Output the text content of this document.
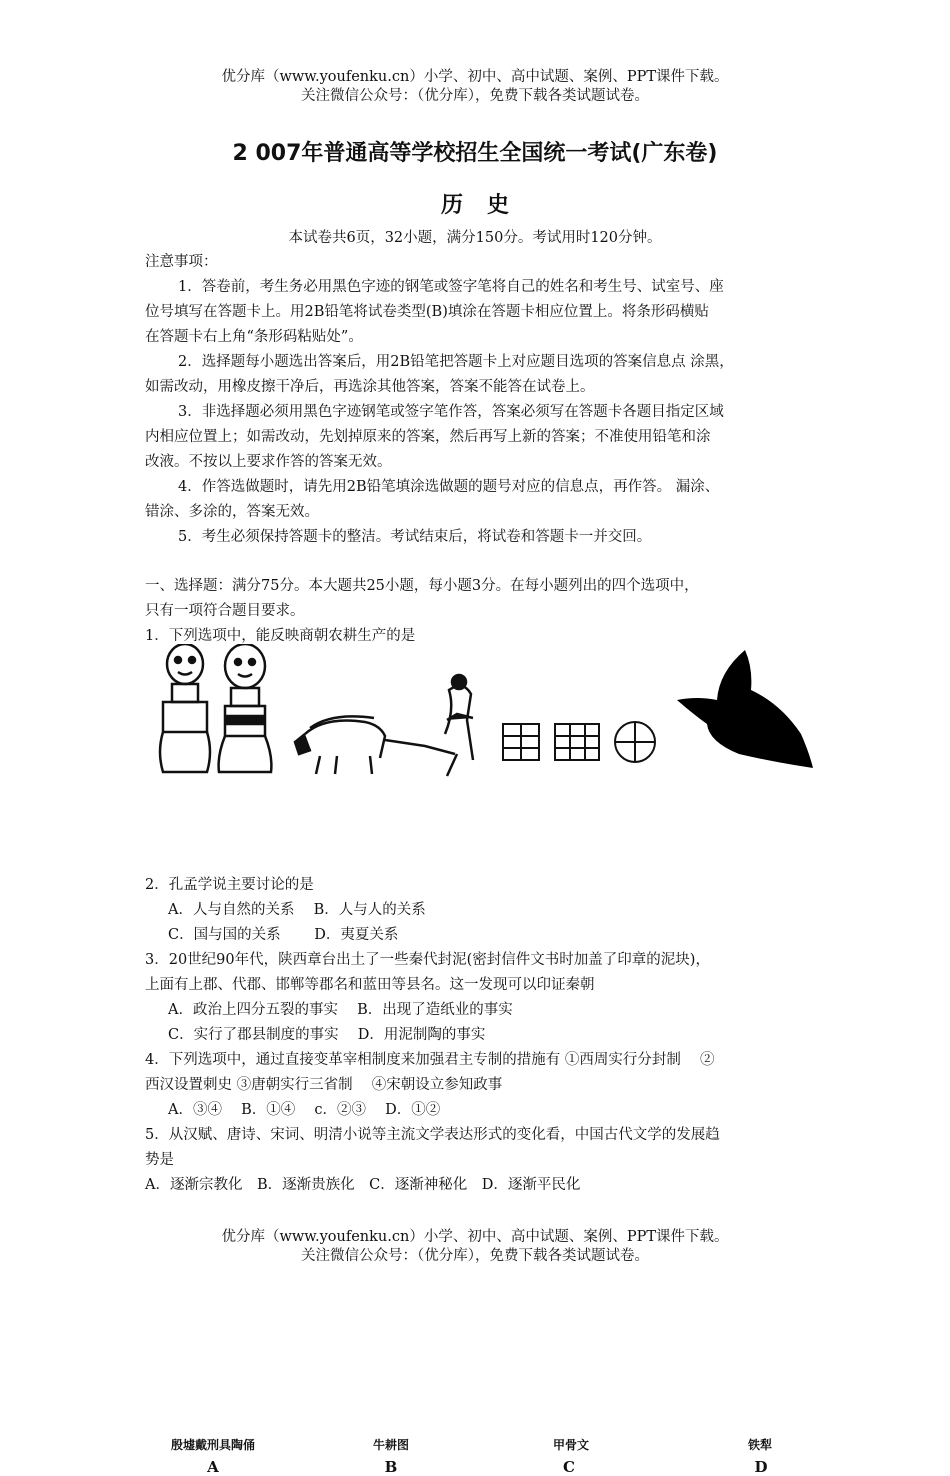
优分库（www.youfenku.cn）小学、初中、高中试题、案例、PPT课件下载。
关注微信公众号：（优分库），免费下载各类试题试卷。
2 007年普通高等学校招生全国统一考试(广东卷)
历史
本试卷共6页，32小题，满分150分。考试用时120分钟。
注意事项：
1．答卷前，考生务必用黑色字迹的钢笔或签字笔将自己的姓名和考生号、试室号、座
位号填写在答题卡上。用2B铅笔将试卷类型(B)填涂在答题卡相应位置上。将条形码横贴
在答题卡右上角“条形码粘贴处”。
2．选择题每小题选出答案后，用2B铅笔把答题卡上对应题目选项的答案信息点 涂黑，
如需改动，用橡皮擦干净后，再选涂其他答案，答案不能答在试卷上。
3．非选择题必须用黑色字迹钢笔或签字笔作答，答案必须写在答题卡各题目指定区域
内相应位置上；如需改动，先划掉原来的答案，然后再写上新的答案；不准使用铅笔和涂
改液。不按以上要求作答的答案无效。
4．作答选做题时，请先用2B铅笔填涂选做题的题号对应的信息点，再作答。 漏涂、
错涂、多涂的，答案无效。
5．考生必须保持答题卡的整洁。考试结束后，将试卷和答题卡一并交回。
一、选择题：满分75分。本大题共25小题，每小题3分。在每小题列出的四个选项中，
只有一项符合题目要求。
1．下列选项中，能反映商朝农耕生产的是
殷墟戴刑具陶俑	牛耕图	甲骨文	铁犁
A	B	C	D
2．孔孟学说主要讨论的是
A．人与自然的关系　 B．人与人的关系
C．国与国的关系　　 D．夷夏关系
3．20世纪90年代，陕西章台出土了一些秦代封泥(密封信件文书时加盖了印章的泥块)，
上面有上郡、代郡、邯郸等郡名和蓝田等县名。这一发现可以印证秦朝
A．政治上四分五裂的事实　 B．出现了造纸业的事实
C．实行了郡县制度的事实　 D．用泥制陶的事实
4．下列选项中，通过直接变革宰相制度来加强君主专制的措施有 ①西周实行分封制　 ②
西汉设置刺史 ③唐朝实行三省制　 ④宋朝设立参知政事
A．③④　 B．①④　 c．②③　 D．①②
5．从汉赋、唐诗、宋词、明清小说等主流文学表达形式的变化看，中国古代文学的发展趋
势是
A．逐渐宗教化　B．逐渐贵族化　C．逐渐神秘化　D．逐渐平民化
优分库（www.youfenku.cn）小学、初中、高中试题、案例、PPT课件下载。
关注微信公众号：（优分库），免费下载各类试题试卷。
